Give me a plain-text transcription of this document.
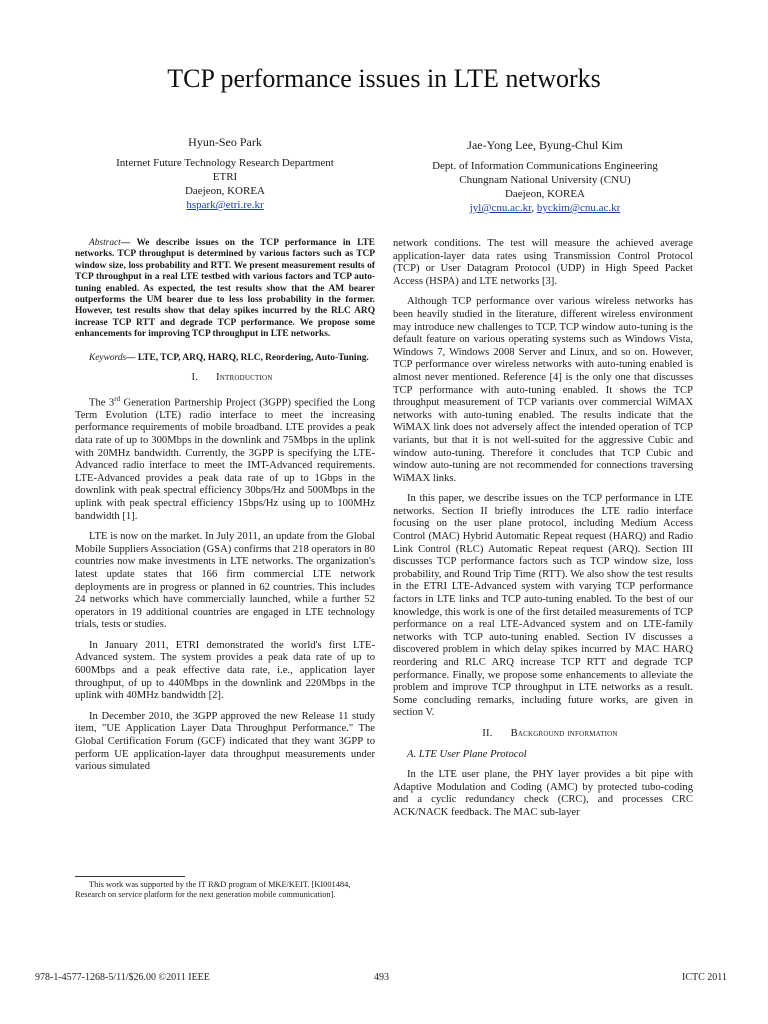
TCP performance issues in LTE networks
Hyun-Seo Park
Internet Future Technology Research Department
ETRI
Daejeon, KOREA
hspark@etri.re.kr
Jae-Yong Lee, Byung-Chul Kim
Dept. of Information Communications Engineering
Chungnam National University (CNU)
Daejeon, KOREA
jyl@cnu.ac.kr, byckim@cnu.ac.kr

Abstract— We describe issues on the TCP performance in LTE networks. TCP throughput is determined by various factors such as TCP window size, loss probability and RTT. We present measurement results of TCP throughput in a real LTE testbed with various factors and TCP auto-tuning enabled. As expected, the test results show that the AM bearer outperforms the UM bearer due to less loss probability in the former. However, test results show that delay spikes incurred by the RLC ARQ increase TCP RTT and degrade TCP performance. We propose some enhancements for improving TCP throughput in LTE networks.

Keywords— LTE, TCP, ARQ, HARQ, RLC, Reordering, Auto-Tuning.

I. Introduction

The 3rd Generation Partnership Project (3GPP) specified the Long Term Evolution (LTE) radio interface to meet the increasing performance requirements of mobile broadband. LTE provides a peak data rate of up to 300Mbps in the downlink and 75Mbps in the uplink with 20MHz bandwidth. Currently, the 3GPP is specifying the LTE-Advanced radio interface to meet the IMT-Advanced requirements. LTE-Advanced provides a peak data rate of up to 1Gbps in the downlink with peak spectral efficiency 30bps/Hz and 500Mbps in the uplink with peak spectral efficiency 15bps/Hz using up to 100MHz bandwidth [1].

LTE is now on the market. In July 2011, an update from the Global Mobile Suppliers Association (GSA) confirms that 218 operators in 80 countries now make investments in LTE networks. The organization's latest update states that 166 firm commercial LTE network deployments are in progress or planned in 62 countries. This includes 24 networks which have commercially launched, while a further 52 operators in 19 additional countries are engaged in LTE technology trials, tests or studies.

In January 2011, ETRI demonstrated the world's first LTE-Advanced system. The system provides a peak data rate of up to 600Mbps and a peak effective data rate, i.e., application layer throughput, of up to 440Mbps in the downlink and 220Mbps in the uplink with 40MHz bandwidth [2].

In December 2010, the 3GPP approved the new Release 11 study item, "UE Application Layer Data Throughput Performance." The Global Certification Forum (GCF) indicated that they want 3GPP to perform UE application-layer data throughput measurements under various simulated

network conditions. The test will measure the achieved average application-layer data rates using Transmission Control Protocol (TCP) or User Datagram Protocol (UDP) in High Speed Packet Access (HSPA) and LTE networks [3].

Although TCP performance over various wireless networks has been heavily studied in the literature, different wireless environment may introduce new challenges to TCP. TCP window auto-tuning is the default feature on various operating systems such as Windows Vista, Windows 7, Windows 2008 Server and Linux, and so on. However, TCP performance over wireless networks with auto-tuning enabled is almost never mentioned. Reference [4] is the only one that discusses TCP performance with auto-tuning enabled. It shows the TCP throughput measurement of TCP variants over commercial WiMAX networks with auto-tuning enabled. The results indicate that the WiMAX link does not adversely affect the intended operation of TCP variants, but that it is not well-suited for the aggressive Cubic and window auto-tuning. Therefore it concludes that TCP Cubic and window auto-tuning are not recommended for connections traversing WiMAX links.

In this paper, we describe issues on the TCP performance in LTE networks. Section II briefly introduces the LTE radio interface focusing on the user plane protocol, including Medium Access Control (MAC) Hybrid Automatic Repeat request (HARQ) and Radio Link Control (RLC) Automatic Repeat request (ARQ). Section III discusses TCP performance factors such as TCP window size, loss probability, and Round Trip Time (RTT). We also show the test results in the ETRI LTE-Advanced system with varying TCP performance factors in LTE links and TCP auto-tuning enabled. To the best of our knowledge, this work is one of the first detailed measurements of TCP performance on a real LTE-Advanced system and on LTE-family networks with TCP auto-tuning enabled. Section IV discusses a discovered problem in which delay spikes incurred by MAC HARQ reordering and RLC ARQ increase TCP RTT and degrade TCP performance. Finally, we propose some enhancements to alleviate the problem and improve TCP throughput in LTE networks as a result. Some concluding remarks, including future works, are given in section V.

II. Background information

A. LTE User Plane Protocol

In the LTE user plane, the PHY layer provides a bit pipe with Adaptive Modulation and Coding (AMC) by protected tubo-coding and a cyclic redundancy check (CRC), and processes CRC ACK/NACK feedback. The MAC sub-layer

This work was supported by the IT R&D program of MKE/KEIT. [KI001484, Research on service platform for the next generation mobile communication].
978-1-4577-1268-5/11/$26.00 ©2011 IEEE	493	ICTC 2011
